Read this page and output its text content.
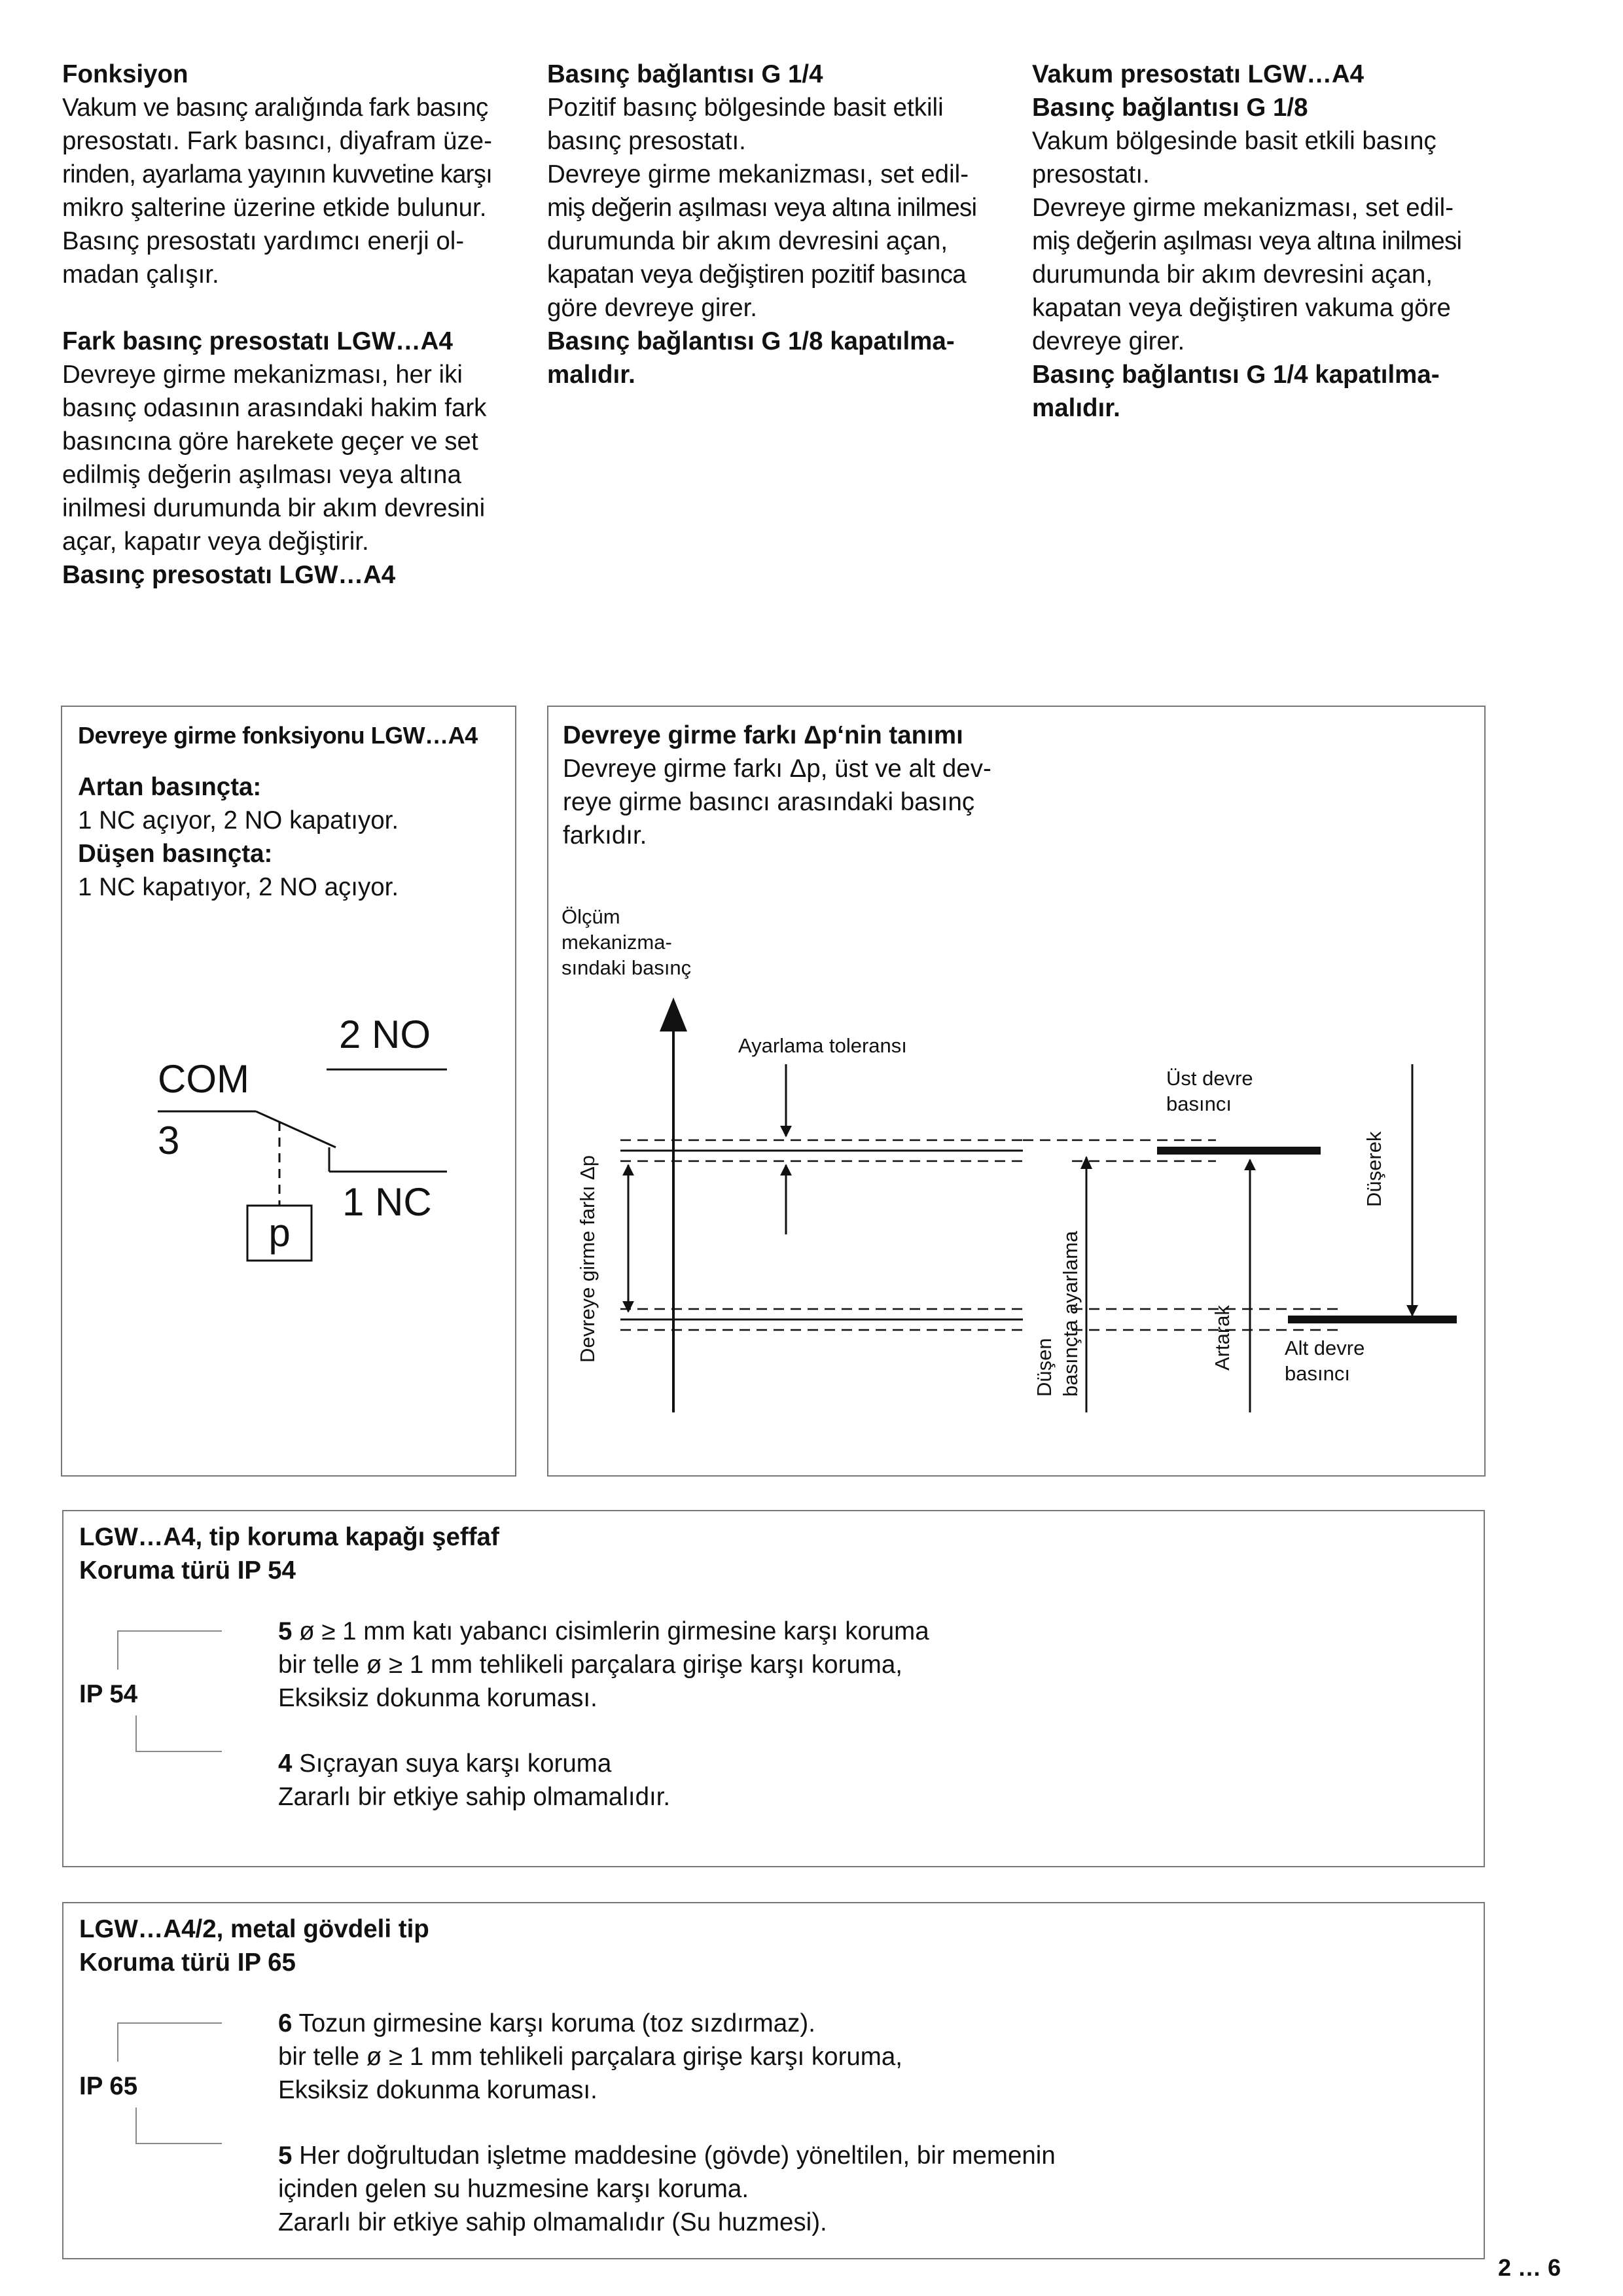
Fonksiyon

Vakum ve basınç aralığında fark basınç

presostatı. Fark basıncı, diyafram üze-

rinden, ayarlama yayının kuvvetine karşı

mikro şalterine üzerine etkide bulunur.

Basınç presostatı yardımcı enerji ol-

madan çalışır.

Fark basınç presostatı LGW…A4

Devreye girme mekanizması, her iki

basınç odasının arasındaki hakim fark

basıncına göre harekete geçer ve set

edilmiş değerin aşılması veya altına

inilmesi durumunda bir akım devresini

açar, kapatır veya değiştirir.

Basınç presostatı LGW…A4

Basınç bağlantısı G 1/4

Pozitif basınç bölgesinde basit etkili

basınç presostatı.

Devreye girme mekanizması, set edil-

miş değerin aşılması veya altına inilmesi

durumunda bir akım devresini açan,

kapatan veya değiştiren pozitif basınca

göre devreye girer.

Basınç bağlantısı G 1/8 kapatılma-

malıdır.

Vakum presostatı LGW…A4

Basınç bağlantısı G 1/8

Vakum bölgesinde basit etkili basınç

presostatı.

Devreye girme mekanizması, set edil-

miş değerin aşılması veya altına inilmesi

durumunda bir akım devresini açan,

kapatan veya değiştiren vakuma göre

devreye girer.

Basınç bağlantısı G 1/4 kapatılma-

malıdır.

Devreye girme fonksiyonu LGW…A4

Artan basınçta:

1 NC açıyor, 2 NO kapatıyor.

Düşen basınçta:

1 NC kapatıyor, 2 NO açıyor.

COM
3
2 NO
1 NC
p

Devreye girme farkı Δp‘nin tanımı

Devreye girme farkı Δp, üst ve alt dev-

reye girme basıncı arasındaki basınç

farkıdır.

Ölçüm
mekanizma-
sındaki basınç
Ayarlama toleransı
Üst devre
basıncı
Alt devre
basıncı
Devreye girme farkı Δp
Düşen basınçta ayarlama	Artarak
Düşerek
LGW…A4, tip koruma kapağı şeffaf
Koruma türü IP 54
IP 54
5 ø ≥ 1 mm katı yabancı cisimlerin girmesine karşı koruma
bir telle ø ≥ 1 mm tehlikeli parçalara girişe karşı koruma,
Eksiksiz dokunma koruması.
4 Sıçrayan suya karşı koruma
Zararlı bir etkiye sahip olmamalıdır.
LGW…A4/2, metal gövdeli tip
Koruma türü IP 65
IP 65
6 Tozun girmesine karşı koruma (toz sızdırmaz).
bir telle ø ≥ 1 mm tehlikeli parçalara girişe karşı koruma,
Eksiksiz dokunma koruması.
5 Her doğrultudan işletme maddesine (gövde) yöneltilen, bir memenin
içinden gelen su huzmesine karşı koruma.
Zararlı bir etkiye sahip olmamalıdır (Su huzmesi).
2 … 6
